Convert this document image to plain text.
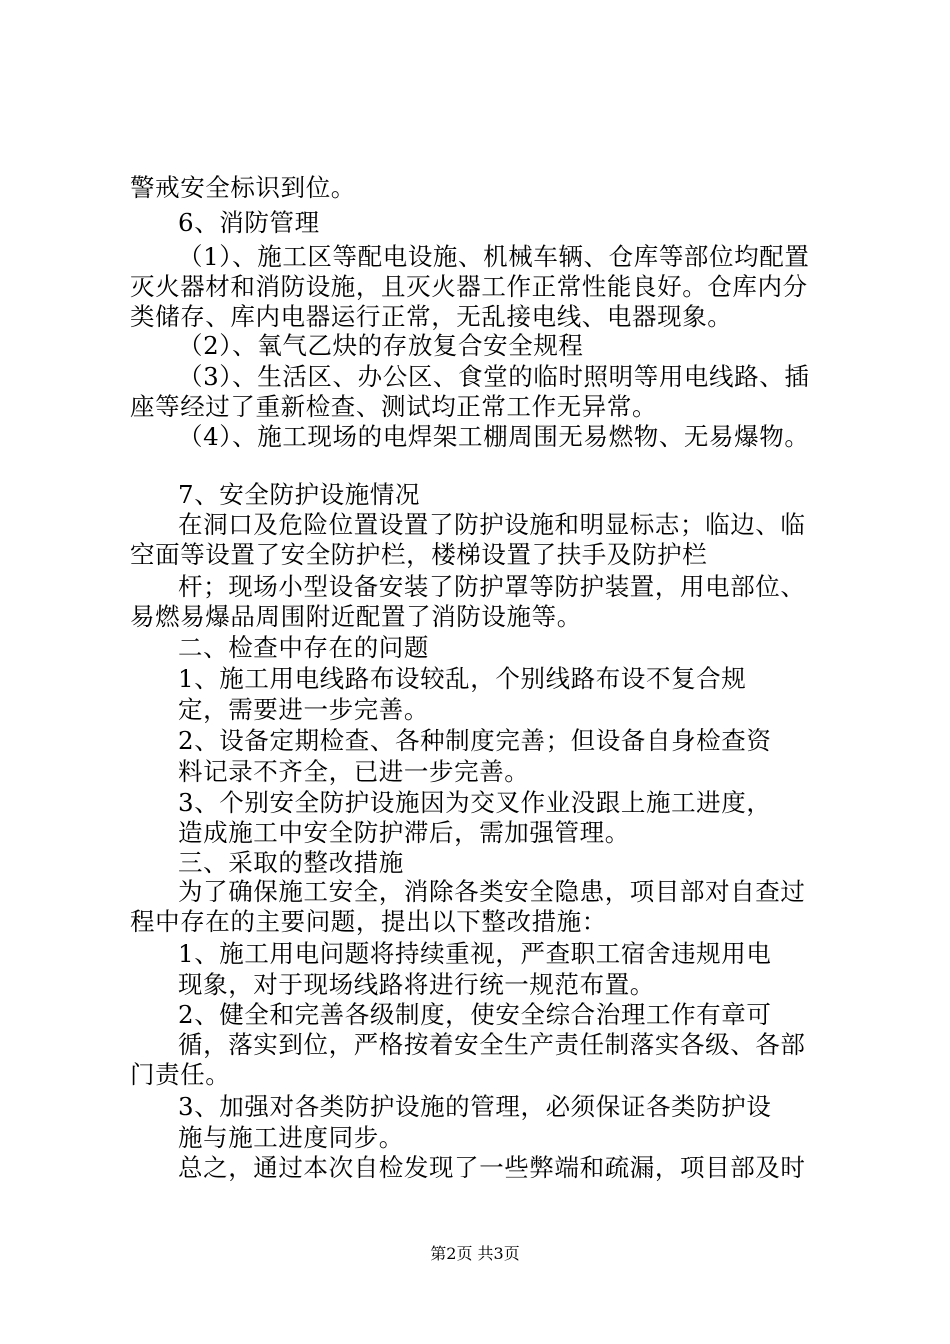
警戒安全标识到位。
6、消防管理
（1）、施工区等配电设施、机械车辆、仓库等部位均配置
灭火器材和消防设施，且灭火器工作正常性能良好。仓库内分
类储存、库内电器运行正常，无乱接电线、电器现象。
（2）、氧气乙炔的存放复合安全规程
（3）、生活区、办公区、食堂的临时照明等用电线路、插
座等经过了重新检查、测试均正常工作无异常。
（4）、施工现场的电焊架工棚周围无易燃物、无易爆物。
7、安全防护设施情况
在洞口及危险位置设置了防护设施和明显标志；临边、临
空面等设置了安全防护栏，楼梯设置了扶手及防护栏
杆；现场小型设备安装了防护罩等防护装置，用电部位、
易燃易爆品周围附近配置了消防设施等。
二、检查中存在的问题
1、施工用电线路布设较乱，个别线路布设不复合规
定，需要进一步完善。
2、设备定期检查、各种制度完善；但设备自身检查资
料记录不齐全，已进一步完善。
3、个别安全防护设施因为交叉作业没跟上施工进度，
造成施工中安全防护滞后，需加强管理。
三、采取的整改措施
为了确保施工安全，消除各类安全隐患，项目部对自查过
程中存在的主要问题，提出以下整改措施：
1、施工用电问题将持续重视，严查职工宿舍违规用电
现象，对于现场线路将进行统一规范布置。
2、健全和完善各级制度，使安全综合治理工作有章可
循，落实到位，严格按着安全生产责任制落实各级、各部
门责任。
3、加强对各类防护设施的管理，必须保证各类防护设
施与施工进度同步。
总之，通过本次自检发现了一些弊端和疏漏，项目部及时
第2页 共3页
